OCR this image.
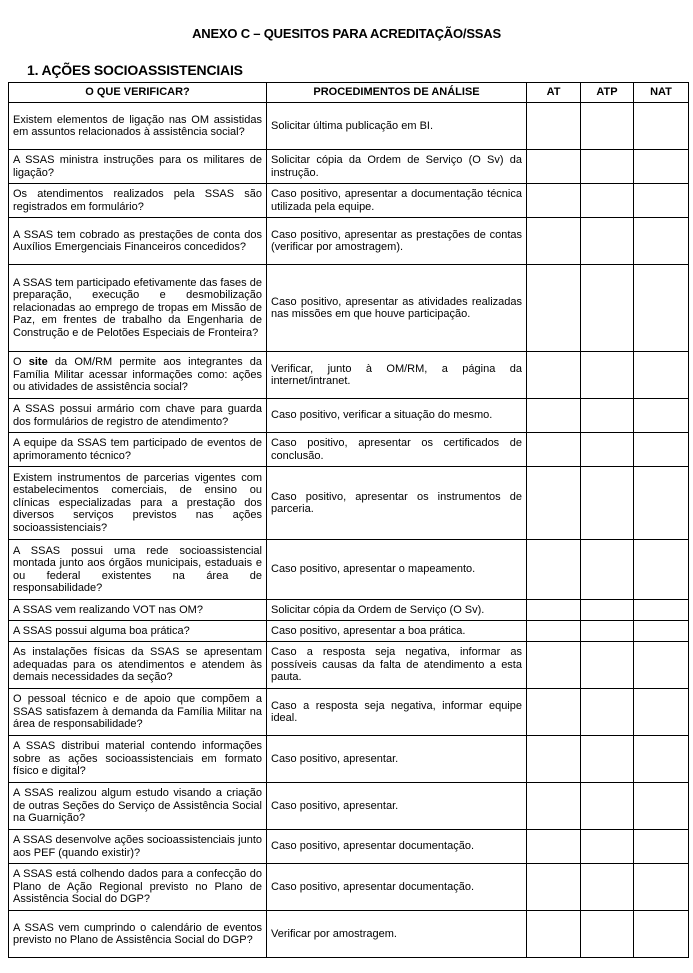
ANEXO C – QUESITOS PARA ACREDITAÇÃO/SSAS
1. AÇÕES SOCIOASSISTENCIAIS
O QUE VERIFICAR?	PROCEDIMENTOS DE ANÁLISE	AT	ATP	NAT
Existem elementos de ligação nas OM assistidas em assuntos relacionados à assistência social?	Solicitar última publicação em BI.			
A SSAS ministra instruções para os militares de ligação?	Solicitar cópia da Ordem de Serviço (O Sv) da instrução.			
Os atendimentos realizados pela SSAS são registrados em formulário?	Caso positivo, apresentar a documentação técnica utilizada pela equipe.			
A SSAS tem cobrado as prestações de conta dos Auxílios Emergenciais Financeiros concedidos?	Caso positivo, apresentar as prestações de contas (verificar por amostragem).			
A SSAS tem participado efetivamente das fases de preparação, execução e desmobilização relacionadas ao emprego de tropas em Missão de Paz, em frentes de trabalho da Engenharia de Construção e de Pelotões Especiais de Fronteira?	Caso positivo, apresentar as atividades realizadas nas missões em que houve participação.			
O site da OM/RM permite aos integrantes da Família Militar acessar informações como: ações ou atividades de assistência social?	Verificar, junto à OM/RM, a página da internet/intranet.			
A SSAS possui armário com chave para guarda dos formulários de registro de atendimento?	Caso positivo, verificar a situação do mesmo.			
A equipe da SSAS tem participado de eventos de aprimoramento técnico?	Caso positivo, apresentar os certificados de conclusão.			
Existem instrumentos de parcerias vigentes com estabelecimentos comerciais, de ensino ou clínicas especializadas para a prestação dos diversos serviços previstos nas ações socioassistenciais?	Caso positivo, apresentar os instrumentos de parceria.			
A SSAS possui uma rede socioassistencial montada junto aos órgãos municipais, estaduais e ou federal existentes na área de responsabilidade?	Caso positivo, apresentar o mapeamento.			
A SSAS vem realizando VOT nas OM?	Solicitar cópia da Ordem de Serviço (O Sv).			
A SSAS possui alguma boa prática?	Caso positivo, apresentar a boa prática.			
As instalações físicas da SSAS se apresentam adequadas para os atendimentos e atendem às demais necessidades da seção?	Caso a resposta seja negativa, informar as possíveis causas da falta de atendimento a esta pauta.			
O pessoal técnico e de apoio que compõem a SSAS satisfazem à demanda da Família Militar na área de responsabilidade?	Caso a resposta seja negativa, informar equipe ideal.			
A SSAS distribui material contendo informações sobre as ações socioassistenciais em formato físico e digital?	Caso positivo, apresentar.			
A SSAS realizou algum estudo visando a criação de outras Seções do Serviço de Assistência Social na Guarnição?	Caso positivo, apresentar.			
A SSAS desenvolve ações socioassistenciais junto aos PEF (quando existir)?	Caso positivo, apresentar documentação.			
A SSAS está colhendo dados para a confecção do Plano de Ação Regional previsto no Plano de Assistência Social do DGP?	Caso positivo, apresentar documentação.			
A SSAS vem cumprindo o calendário de eventos previsto no Plano de Assistência Social do DGP?	Verificar por amostragem.			
